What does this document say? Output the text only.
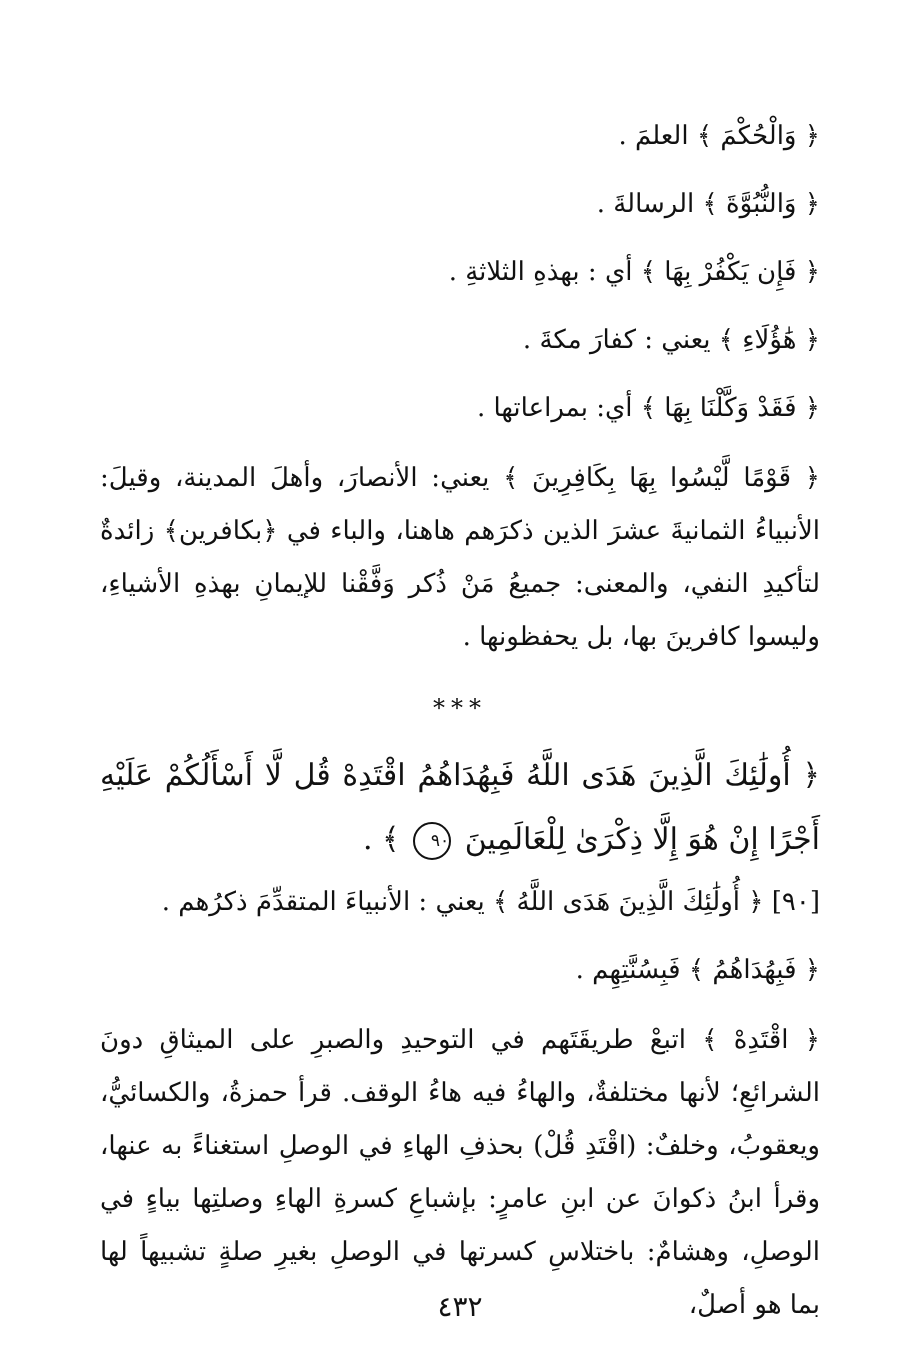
﴿ وَالْحُكْمَ ﴾ العلمَ .
﴿ وَالنُّبُوَّةَ ﴾ الرسالةَ .
﴿ فَإِن يَكْفُرْ بِهَا ﴾ أي : بهذهِ الثلاثةِ .
﴿ هَٰؤُلَاءِ ﴾ يعني : كفارَ مكةَ .
﴿ فَقَدْ وَكَّلْنَا بِهَا ﴾ أي: بمراعاتها .

﴿ قَوْمًا لَّيْسُوا بِهَا بِكَافِرِينَ ﴾ يعني: الأنصارَ، وأهلَ المدينة، وقيلَ: الأنبياءُ الثمانيةَ عشرَ الذين ذكرَهم هاهنا، والباء في ﴿بكافرين﴾ زائدةٌ لتأكيدِ النفي، والمعنى: جميعُ مَنْ ذُكر وَفَّقْنا للإيمانِ بهذهِ الأشياءِ، وليسوا كافرينَ بها، بل يحفظونها .

***

﴿ أُولَٰئِكَ الَّذِينَ هَدَى اللَّهُ فَبِهُدَاهُمُ اقْتَدِهْ قُل لَّا أَسْأَلُكُمْ عَلَيْهِ أَجْرًا إِنْ هُوَ إِلَّا ذِكْرَىٰ لِلْعَالَمِينَ ٩٠ ﴾ .

[٩٠] ﴿ أُولَٰئِكَ الَّذِينَ هَدَى اللَّهُ ﴾ يعني : الأنبياءَ المتقدِّمَ ذكرُهم .
﴿ فَبِهُدَاهُمُ ﴾ فَبِسُنَّتِهِم .

﴿ اقْتَدِهْ ﴾ اتبعْ طريقَتَهم في التوحيدِ والصبرِ على الميثاقِ دونَ الشرائعِ؛ لأنها مختلفةٌ، والهاءُ فيه هاءُ الوقف. قرأ حمزةُ، والكسائيُّ، ويعقوبُ، وخلفٌ: (اقْتَدِ قُلْ) بحذفِ الهاءِ في الوصلِ استغناءً به عنها، وقرأ ابنُ ذكوانَ عن ابنِ عامرٍ: بإشباعِ كسرةِ الهاءِ وصلتِها بياءٍ في الوصلِ، وهشامٌ: باختلاسِ كسرتها في الوصلِ بغيرِ صلةٍ تشبيهاً لها بما هو أصلٌ،

٤٣٢
